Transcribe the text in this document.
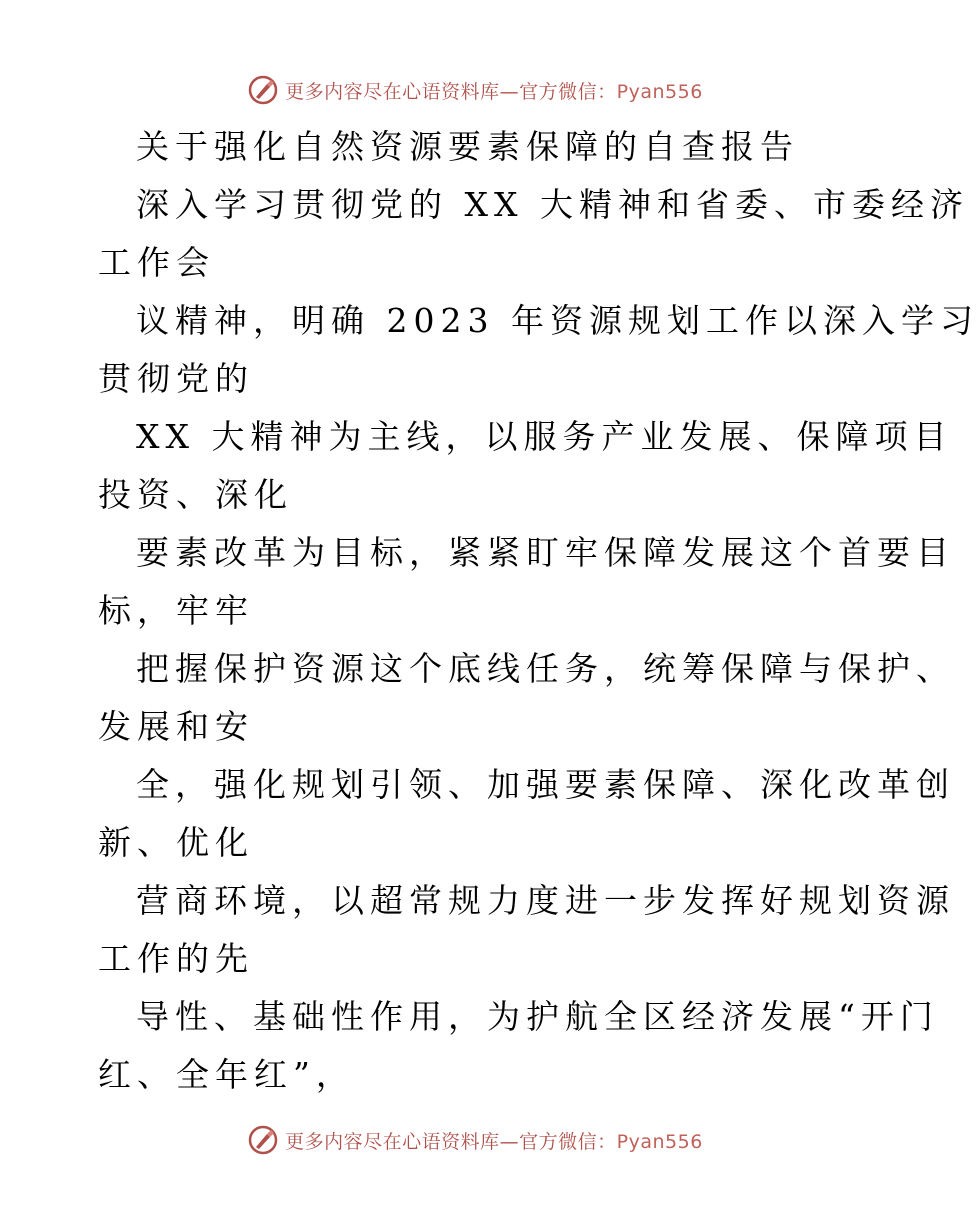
更多内容尽在心语资料库—官方微信：Pyan556
关于强化自然资源要素保障的自查报告
深入学习贯彻党的 XX 大精神和省委、市委经济
工作会
议精神，明确 2023 年资源规划工作以深入学习
贯彻党的
XX 大精神为主线，以服务产业发展、保障项目
投资、深化
要素改革为目标，紧紧盯牢保障发展这个首要目
标，牢牢
把握保护资源这个底线任务，统筹保障与保护、
发展和安
全，强化规划引领、加强要素保障、深化改革创
新、优化
营商环境，以超常规力度进一步发挥好规划资源
工作的先
导性、基础性作用，为护航全区经济发展“开门
红、全年红”，
更多内容尽在心语资料库—官方微信：Pyan556
